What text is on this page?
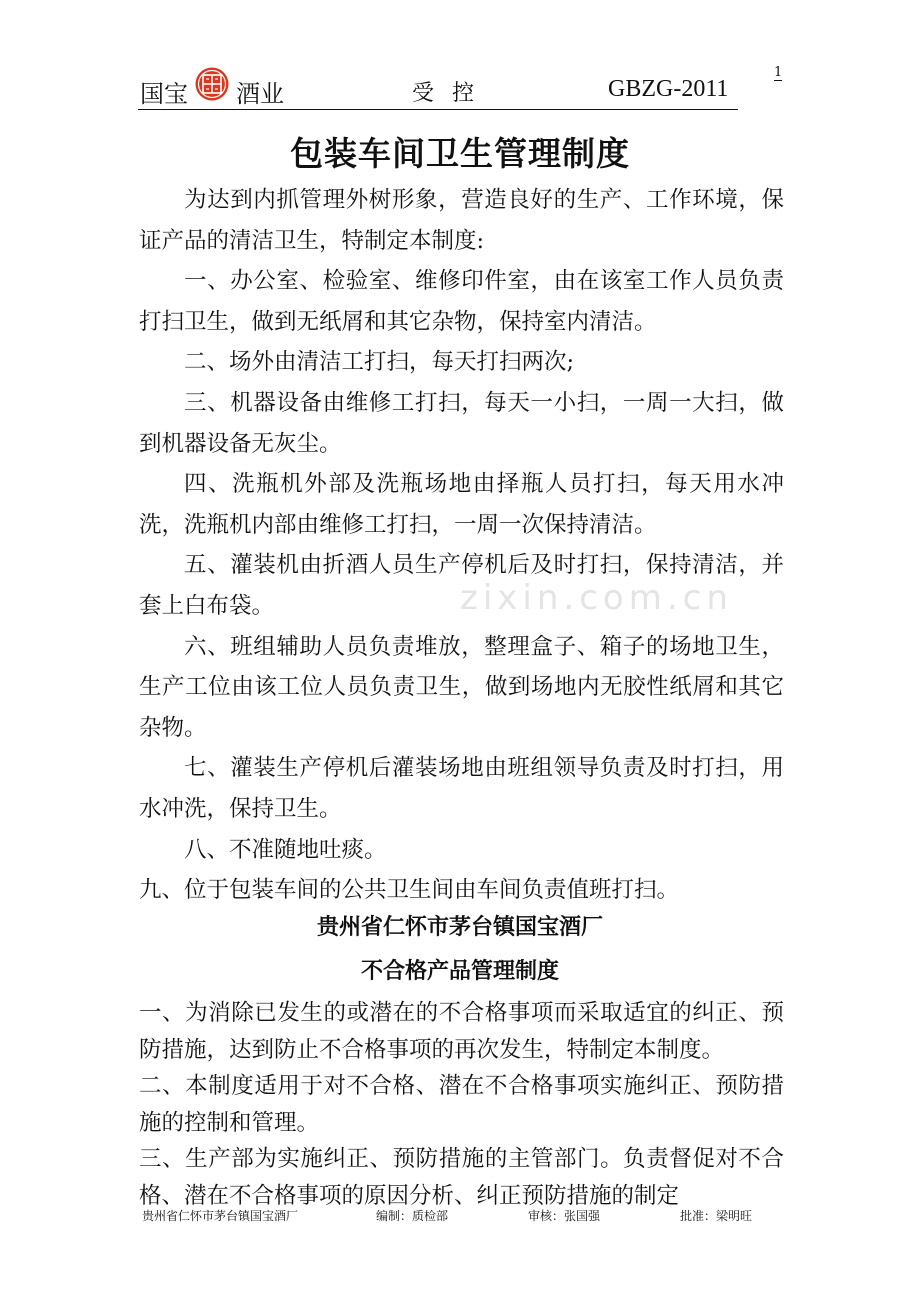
1
国宝 酒业	受控	GBZG-2011
zixin.com.cn
包装车间卫生管理制度

为达到内抓管理外树形象，营造良好的生产、工作环境，保证产品的清洁卫生，特制定本制度:

一、办公室、检验室、维修印件室，由在该室工作人员负责打扫卫生，做到无纸屑和其它杂物，保持室内清洁。

二、场外由清洁工打扫，每天打扫两次;

三、机器设备由维修工打扫，每天一小扫，一周一大扫，做到机器设备无灰尘。

四、洗瓶机外部及洗瓶场地由择瓶人员打扫，每天用水冲洗，洗瓶机内部由维修工打扫，一周一次保持清洁。

五、灌装机由折酒人员生产停机后及时打扫，保持清洁，并套上白布袋。

六、班组辅助人员负责堆放，整理盒子、箱子的场地卫生，生产工位由该工位人员负责卫生，做到场地内无胶性纸屑和其它杂物。

七、灌装生产停机后灌装场地由班组领导负责及时打扫，用水冲洗，保持卫生。

八、不准随地吐痰。

九、位于包装车间的公共卫生间由车间负责值班打扫。

贵州省仁怀市茅台镇国宝酒厂
不合格产品管理制度

一、为消除已发生的或潜在的不合格事项而采取适宜的纠正、预防措施，达到防止不合格事项的再次发生，特制定本制度。

二、本制度适用于对不合格、潜在不合格事项实施纠正、预防措施的控制和管理。

三、生产部为实施纠正、预防措施的主管部门。负责督促对不合格、潜在不合格事项的原因分析、纠正预防措施的制定

贵州省仁怀市茅台镇国宝酒厂	编制：质检部	审核：张国强	批准：梁明旺
